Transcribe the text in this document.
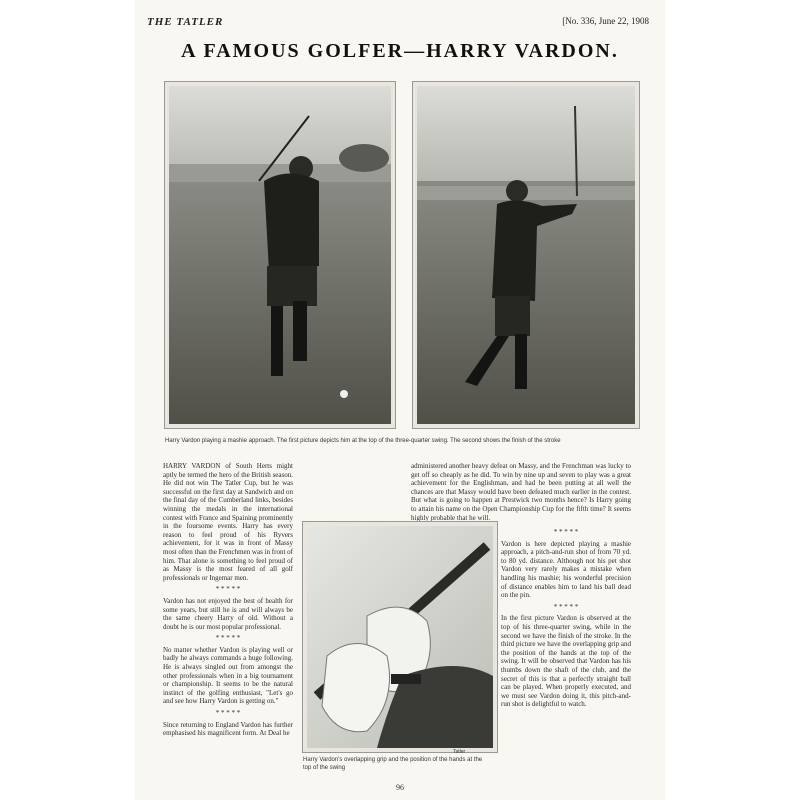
THE TATLER	[No. 336, June 22, 1908
A FAMOUS GOLFER—HARRY VARDON.
Harry Vardon playing a mashie approach. The first picture depicts him at the top of the three-quarter swing. The second shows the finish of the stroke

HARRY VARDON of South Herts might aptly be termed the hero of the British season. He did not win The Tatler Cup, but he was successful on the first day at Sandwich and on the final day of the Cumberland links, besides winning the medals in the international contest with France and Spaining prominently in the foursome events. Harry has every reason to feel proud of his Ryvers achievement, for it was in front of Massy most often than the Frenchmen was in front of him. That alone is something to feel proud of as Massy is the most feared of all golf professionals or Ingemar men.

* * * * *

Vardon has not enjoyed the best of health for some years, but still he is and will always be the same cheery Harry of old. Without a doubt he is our most popular professional.

* * * * *

No matter whether Vardon is playing well or badly he always commands a huge following. He is always singled out from amongst the other professionals when in a big tournament or championship. It seems to be the natural instinct of the golfing enthusiast, "Let's go and see how Harry Vardon is getting on."

* * * * *

Since returning to England Vardon has further emphasised his magnificent form. At Deal he

administered another heavy defeat on Massy, and the Frenchman was lucky to get off so cheaply as he did. To win by nine up and seven to play was a great achievement for the Englishman, and had he been putting at all well the chances are that Massy would have been defeated much earlier in the contest. But what is going to happen at Prestwick two months hence? Is Harry going to attain his name on the Open Championship Cup for the fifth time? It seems highly probable that he will.

Tatler
Harry Vardon's overlapping grip and the position of the hands at the top of the swing

* * * * *

Vardon is here depicted playing a mashie approach, a pitch-and-run shot of from 70 yd. to 80 yd. distance. Although not his pet shot Vardon very rarely makes a mistake when handling his mashie; his wonderful precision of distance enables him to land his ball dead on the pin.

* * * * *

In the first picture Vardon is observed at the top of his three-quarter swing, while in the second we have the finish of the stroke. In the third picture we have the overlapping grip and the position of the hands at the top of the swing. It will be observed that Vardon has his thumbs down the shaft of the club, and the secret of this is that a perfectly straight ball can be played. When properly executed, and we must see Vardon doing it, this pitch-and-run shot is delightful to watch.

96
